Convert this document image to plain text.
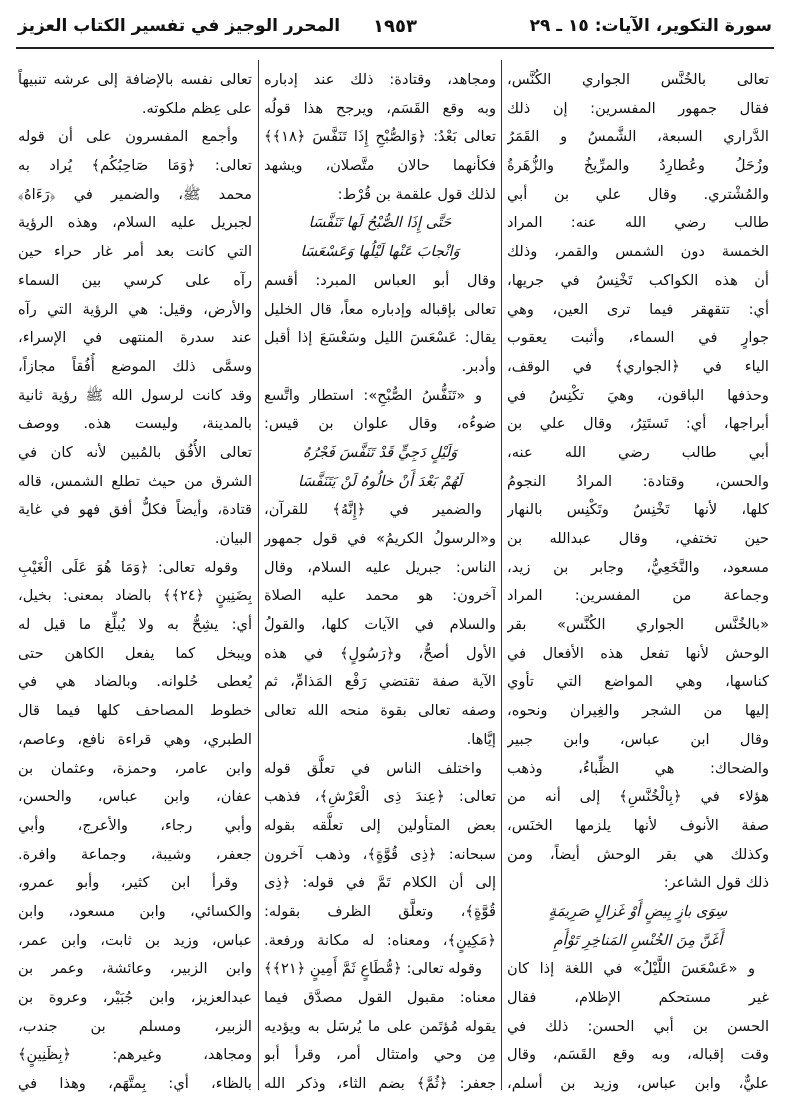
سورة التكوير، الآيات: ١٥ ـ ٢٩
١٩٥٣
المحرر الوجيز في تفسير الكتاب العزيز
تعالى بالخُنَّس الجواري الكُنَّس،
فقال جمهور المفسرين: إن ذلك
الدَّراري السبعة، الشَّمسُ و القَمَرُ
وزُحَلُ وعُطارِدُ والمرِّيخُ والزُّهَرةُ
والمُشْتري. وقال علي بن أبي
طالب رضي الله عنه: المراد
الخمسة دون الشمس والقمر، وذلك
أن هذه الكواكب تَخْنِسُ في جريها،
أي: تتقهقر فيما ترى العين، وهي
جوارٍ في السماء، وأثبت يعقوب
الياء في ﴿الجواري﴾ في الوقف،
وحذفها الباقون، وهيَ تكْنِسُ في
أبراجها، أي: تَستَتِرُ، وقال علي بن
أبي طالب رضي الله عنه،
والحسن، وقتادة: المرادُ النجومُ
كلها، لأنها تَخْنِسُ وتَكْنِس بالنهار
حين تختفي، وقال عبدالله بن
مسعود، والنَّخَعِيُّ، وجابر بن زيد،
وجماعة من المفسرين: المراد
«بالخُنَّس الجواري الكُنَّس» بقر
الوحش لأنها تفعل هذه الأفعال في
كناسها، وهي المواضع التي تأوي
إليها من الشجر والغِيران ونحوه،
وقال ابن عباس، وابن جبير
والضحاك: هي الظِّباءُ، وذهب
هؤلاء في ﴿بِالْخُنَّسِ﴾ إلى أنه من
صفة الأنوف لأنها يلزمها الخنَس،
وكذلك هي بقر الوحش أيضاً، ومن
ذلك قول الشاعر:
سِوَى بازٍ بِيضٍ أَوْ غَزالٍ صَرِيمَةٍ
أَغَنَّ مِنَ الخُنْسِ المَناخِرِ تَوْأَمِ
و «عَسْعَسَ اللَّيْلُ» في اللغة إذا كان
غير مستحكم الإظلام، فقال
الحسن بن أبي الحسن: ذلك في
وقت إقباله، وبه وقع القَسَم، وقال
عليٌّ، وابن عباس، وزيد بن أسلم،
ومجاهد، وقتادة: ذلك عند إدباره
وبه وقع القَسَم، ويرجح هذا قولُه
تعالى بَعْدُ: ﴿وَالصُّبْحِ إِذَا تَنَفَّسَ ﴿١٨﴾﴾
فكأنهما حالان متَّصلان، ويشهد
لذلك قول علقمة بن قُرْط:
حَتَّى إِذَا الصُّبْحُ لَها تَنَفَّسَا
وَانْجابَ عَنْها لَيْلُها وَعَسْعَسَا
وقال أبو العباس المبرد: أقسم
تعالى بإقباله وإدباره معاً، قال الخليل
يقال: عَسْعَسَ الليل وسَعْسَعَ إذا أقبل
وأدبر.
و «تَنَفُّسُ الصُّبْحِ»: استطار واتَّسع
ضوءُه، وقال علوان بن قيس:
وَلَيْلٍ دَجِيٍّ قَدْ تَنَفَّسَ فَجْرُهُ
لَهُمْ بَعْدَ أَنْ خالُوهُ لَنْ يَتَنَفَّسَا
والضمير في ﴿إِنَّهُ﴾ للقرآن،
و«الرسولُ الكريمُ» في قول جمهور
الناس: جبريل عليه السلام، وقال
آخرون: هو محمد عليه الصلاة
والسلام في الآيات كلها، والقولُ
الأول أصحُّ، و﴿رَسُولٍ﴾ في هذه
الآية صفة تقتضي رَفْع المَذامِّ، ثم
وصفه تعالى بقوة منحه الله تعالى
إيَّاها.
واختلف الناس في تعلُّق قوله
تعالى: ﴿عِندَ ذِى الْعَرْشِ﴾، فذهب
بعض المتأولين إلى تعلُّقه بقوله
سبحانه: ﴿ذِى قُوَّةٍ﴾، وذهب آخرون
إلى أن الكلام تَمَّ في قوله: ﴿ذِى
قُوَّةٍ﴾، وتعلَّق الظرف بقوله:
﴿مَكِينٍ﴾، ومعناه: له مكانة ورفعة.
وقوله تعالى: ﴿مُّطَاعٍ ثَمَّ أَمِينٍ ﴿٢١﴾﴾
معناه: مقبول القول مصدَّق فيما
يقوله مُؤتَمن على ما يُرسَل به ويؤديه
مِن وحي وامتثال أمر، وقرأ أبو
جعفر: ﴿ثُمَّ﴾ بضم الثاء، وذكر الله
تعالى نفسه بالإضافة إلى عرشه تنبيهاً
على عِظم ملكوته.
وأجمع المفسرون على أن قوله
تعالى: ﴿وَمَا صَاحِبُكُم﴾ يُراد به
محمد ﷺ، والضمير في ﴿رَءَاهُ﴾
لجبريل عليه السلام، وهذه الرؤية
التي كانت بعد أمر غار حراء حين
رآه على كرسي بين السماء
والأرض، وقيل: هي الرؤية التي رآه
عند سدرة المنتهى في الإسراء،
وسمَّى ذلك الموضع أُفُقاً مجازاً،
وقد كانت لرسول الله ﷺ رؤية ثانية
بالمدينة، وليست هذه. ووصف
تعالى الأُفُق بالمُبين لأنه كان في
الشرق من حيث تطلع الشمس، قاله
قتادة، وأيضاً فكلُّ أفق فهو في غاية
البيان.
وقوله تعالى: ﴿وَمَا هُوَ عَلَى الْغَيْبِ
بِضَنِينٍ ﴿٢٤﴾﴾ بالضاد بمعنى: بخيل،
أي: يشِحُّ به ولا يُبلِّغ ما قيل له
ويبخل كما يفعل الكاهن حتى
يُعطى حُلوانه. وبالضاد هي في
خطوط المصاحف كلها فيما قال
الطبري، وهي قراءة نافع، وعاصم،
وابن عامر، وحمزة، وعثمان بن
عفان، وابن عباس، والحسن،
وأبي رجاء، والأعرج، وأبي
جعفر، وشيبة، وجماعة وافرة.
وقرأ ابن كثير، وأبو عمرو،
والكسائي، وابن مسعود، وابن
عباس، وزيد بن ثابت، وابن عمر،
وابن الزبير، وعائشة، وعمر بن
عبدالعزيز، وابن جُبَيْر، وعروة بن
الزبير، ومسلم بن جندب،
ومجاهد، وغيرهم: ﴿بِظَنِينٍ﴾
بالظاء، أي: بِمتَّهَم، وهذا في
